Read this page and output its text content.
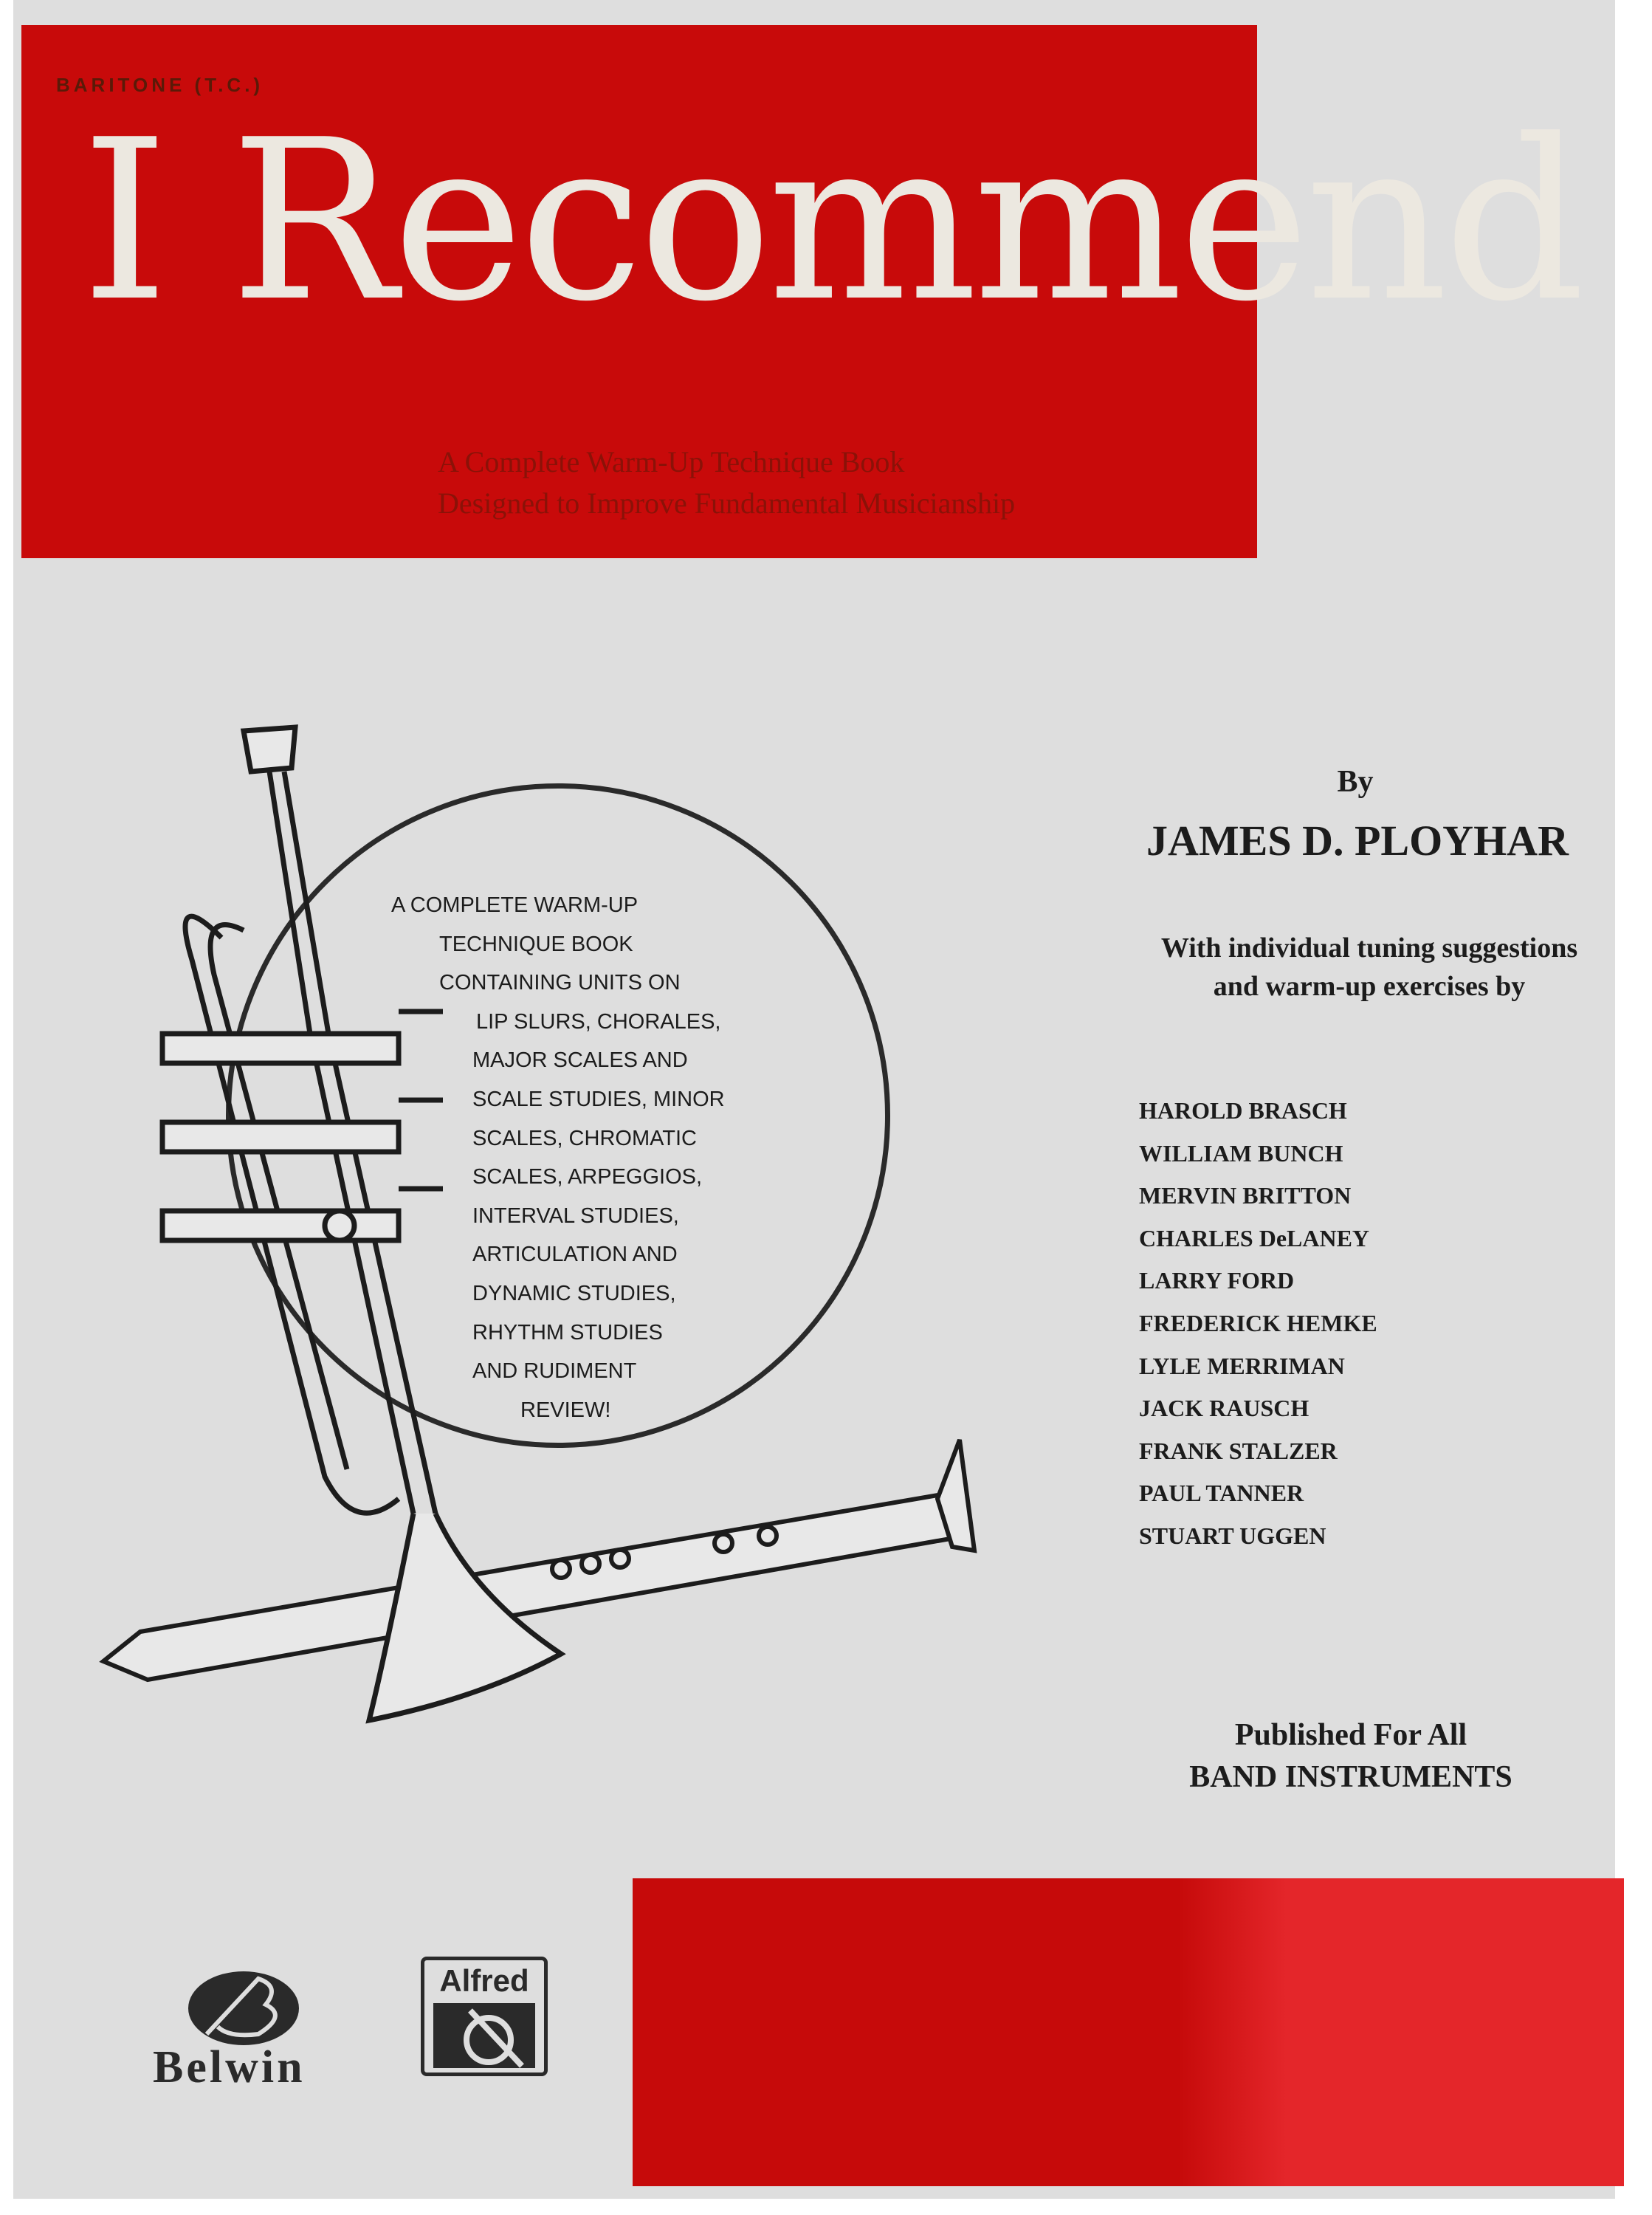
BARITONE (T.C.)
I Recommend
A Complete Warm-Up Technique Book
Designed to Improve Fundamental Musicianship
A COMPLETE WARM-UP
TECHNIQUE BOOK
CONTAINING UNITS ON
LIP SLURS, CHORALES,
MAJOR SCALES AND
SCALE STUDIES, MINOR
SCALES, CHROMATIC
SCALES, ARPEGGIOS,
INTERVAL STUDIES,
ARTICULATION AND
DYNAMIC STUDIES,
RHYTHM STUDIES
AND RUDIMENT
REVIEW!
By
JAMES D. PLOYHAR
With individual tuning suggestions
and warm-up exercises by
HAROLD BRASCH
WILLIAM BUNCH
MERVIN BRITTON
CHARLES DeLANEY
LARRY FORD
FREDERICK HEMKE
LYLE MERRIMAN
JACK RAUSCH
FRANK STALZER
PAUL TANNER
STUART UGGEN
Published For All
BAND INSTRUMENTS
Belwin
Alfred
